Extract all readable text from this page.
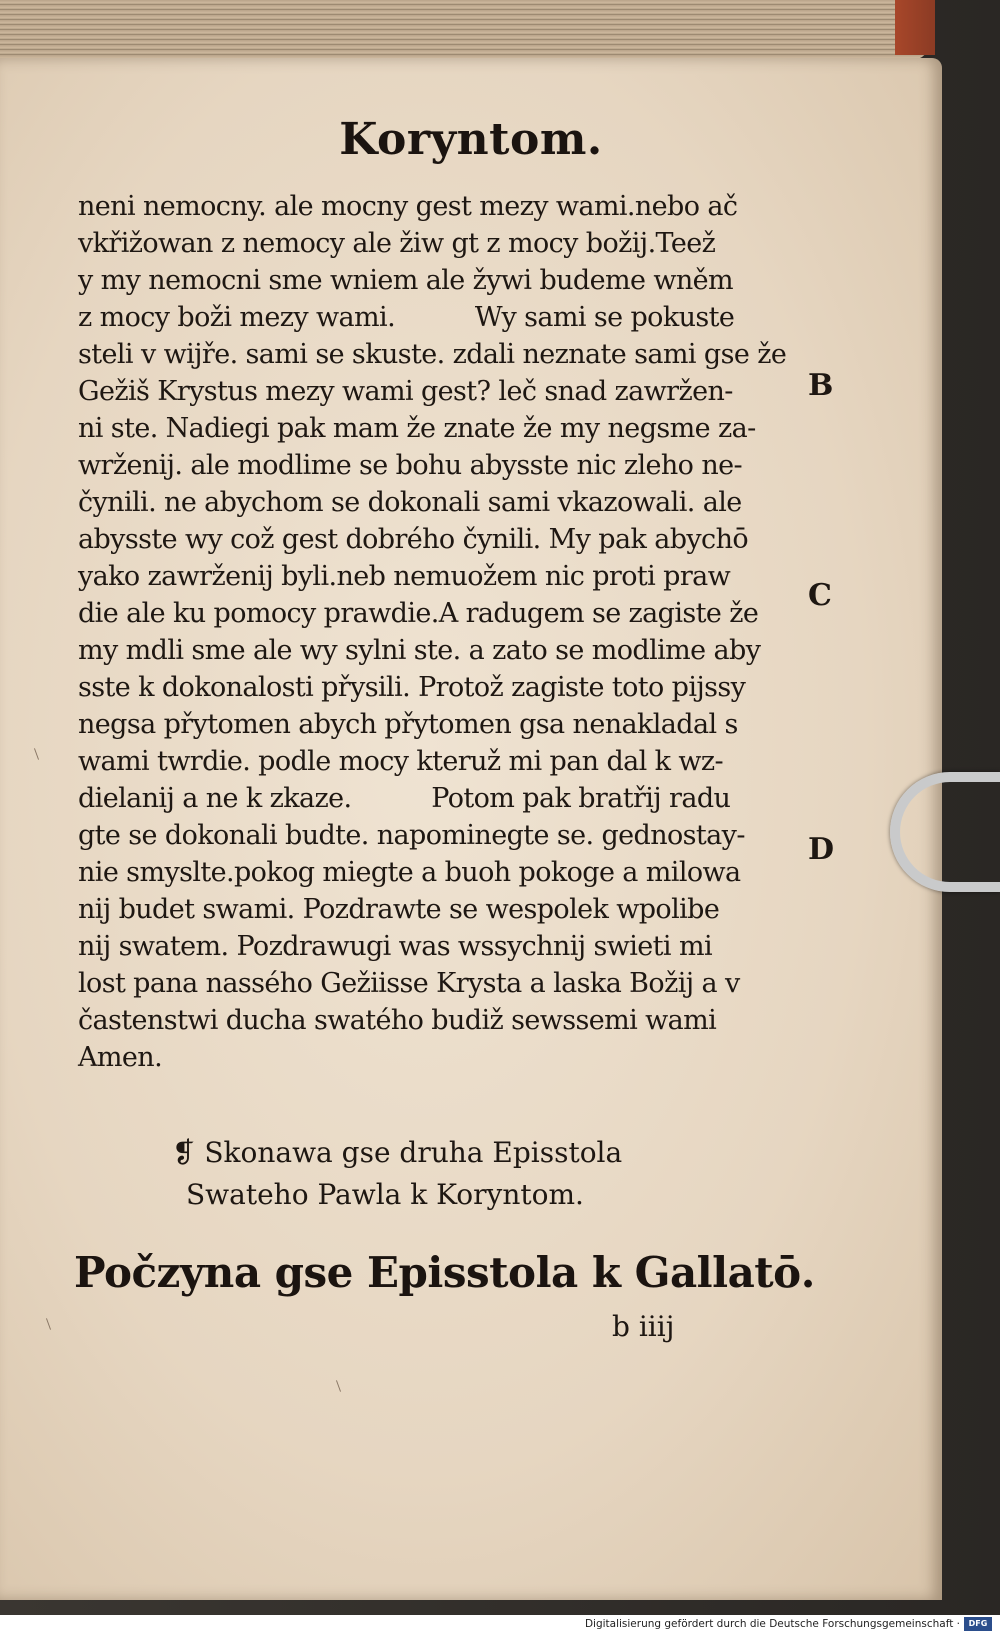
Koryntom.
neni nemocny. ale mocny gest mezy wami.nebo ač
vkřižowan z nemocy ale žiw gt z mocy božij.Teež
y my nemocni sme wniem ale žywi budeme wněm
z mocy boži mezy wami.          Wy sami se pokuste
steli v wijře. sami se skuste. zdali neznate sami gse že
Gežiš Krystus mezy wami gest? leč snad zawržen-
ni ste. Nadiegi pak mam že znate že my negsme za-
wrženij. ale modlime se bohu abysste nic zleho ne-
čynili. ne abychom se dokonali sami vkazowali. ale
abysste wy což gest dobrého čynili. My pak abychō
yako zawrženij byli.neb nemuožem nic proti praw
die ale ku pomocy prawdie.A radugem se zagiste že
my mdli sme ale wy sylni ste. a zato se modlime aby
sste k dokonalosti přysili. Protož zagiste toto pijssy
negsa přytomen abych přytomen gsa nenakladal s
wami twrdie. podle mocy kteruž mi pan dal k wz-
dielanij a ne k zkaze.          Potom pak bratřij radu
gte se dokonali budte. napominegte se. gednostay-
nie smyslte.pokog miegte a buoh pokoge a milowa
nij budet swami. Pozdrawte se wespolek wpolibe
nij swatem. Pozdrawugi was wssychnij swieti mi
lost pana nassého Gežiisse Krysta a laska Božij a v
častenstwi ducha swatého budiž sewssemi wami
Amen.
B
C
D
❡ Skonawa gse druha Episstola
Swateho Pawla k Koryntom.
Počzyna gse Episstola k Gallatō.
b iiij
Digitalisierung gefördert durch die Deutsche Forschungsgemeinschaft ·	DFG
